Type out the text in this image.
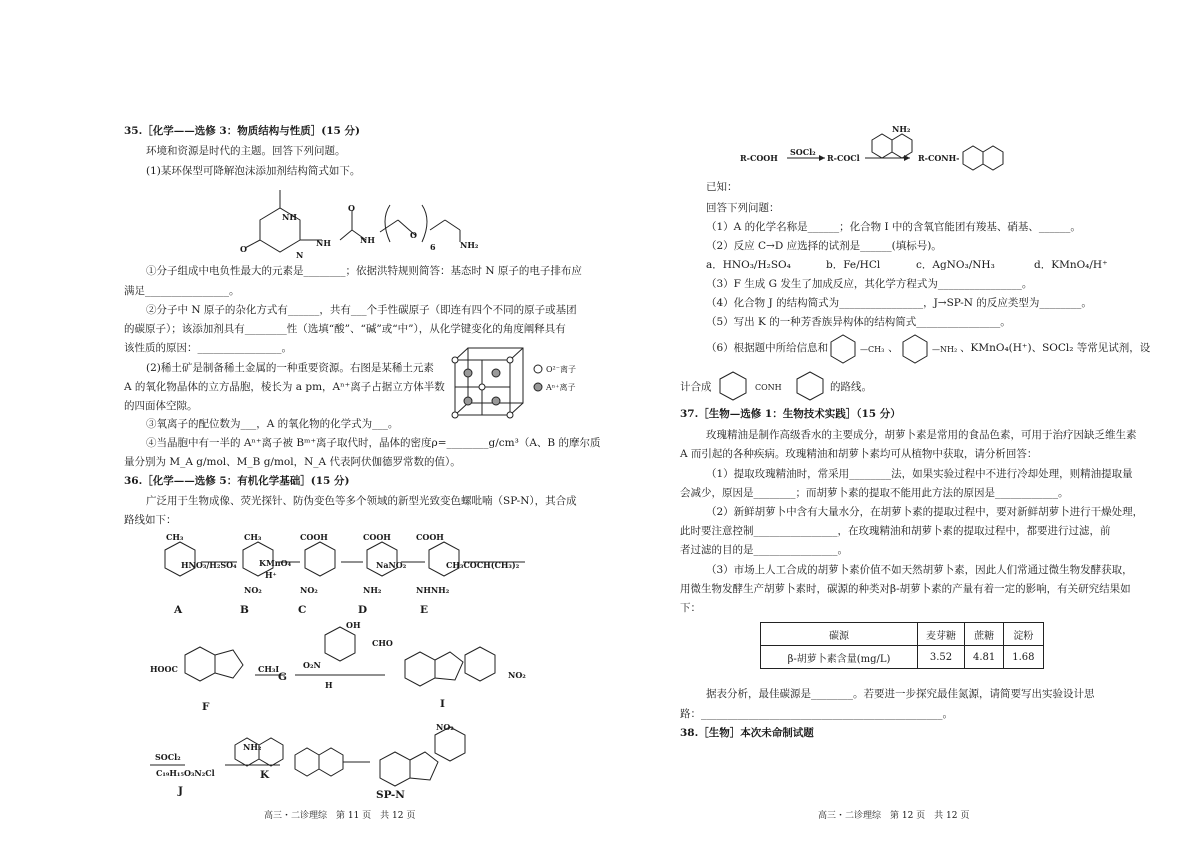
35.［化学——选修 3：物质结构与性质］(15 分)
环境和资源是时代的主题。回答下列问题。
(1)某环保型可降解泡沫添加剂结构简式如下。
NH
NH	NH
N
O
O
O
6	NH₂
①分子组成中电负性最大的元素是________；依据洪特规则简答：基态时 N 原子的电子排布应
满足________________。
②分子中 N 原子的杂化方式有______，共有___个手性碳原子（即连有四个不同的原子或基团
的碳原子）；该添加剂具有________性（选填“酸”、“碱”或“中”），从化学键变化的角度阐释具有
该性质的原因：________________。
(2)稀土矿是制备稀土金属的一种重要资源。右图是某稀土元素
A 的氧化物晶体的立方晶胞，棱长为 a pm，Aⁿ⁺离子占据立方体半数
的四面体空隙。
O²⁻离子
Aⁿ⁺离子
③氧离子的配位数为___，A 的氧化物的化学式为___。
④当晶胞中有一半的 Aⁿ⁺离子被 Bᵐ⁺离子取代时，晶体的密度ρ=________g/cm³（A、B 的摩尔质
量分别为 M_A g/mol、M_B g/mol，N_A 代表阿伏伽德罗常数的值）。
36.［化学——选修 5：有机化学基础］(15 分)
广泛用于生物成像、荧光探针、防伪变色等多个领域的新型光致变色螺吡喃（SP-N），其合成
路线如下：
HNO₃/H₂SO₄	KMnO₄
H⁺
NaNO₂	CH₃COCH(CH₃)₂
CH₃	CH₃	COOH	COOH	COOH
NO₂	NO₂	NH₂	NHNH₂
A	B	C	D	E
HOOC
OH
CHO
O₂N
NO₂
CH₃I
G
H
F	I
SOCl₂
C₁₉H₁₅O₃N₂Cl
NH₂
NO₂
K
J	SP-N
高三・二诊理综　第 11 页　共 12 页
R-COOH
SOCl₂
R-COCl
NH₂
R-CONH-
已知：
回答下列问题：
（1）A 的化学名称是______；化合物 I 中的含氧官能团有羧基、硝基、______。
（2）反应 C→D 应选择的试剂是______(填标号)。
a．HNO₃/H₂SO₄	b．Fe/HCl	c．AgNO₃/NH₃	d．KMnO₄/H⁺
（3）F 生成 G 发生了加成反应，其化学方程式为________________。
（4）化合物 J 的结构简式为________________，J→SP-N 的反应类型为________。
（5）写出 K 的一种芳香族异构体的结构简式________________。
（6）根据题中所给信息和	—CH₃ 、	—NH₂ 、KMnO₄(H⁺)、SOCl₂ 等常见试剂，设
计合成	CONH	的路线。
37.［生物—选修 1：生物技术实践］（15 分）
玫瑰精油是制作高级香水的主要成分，胡萝卜素是常用的食品色素，可用于治疗因缺乏维生素
A 而引起的各种疾病。玫瑰精油和胡萝卜素均可从植物中获取，请分析回答：
（1）提取玫瑰精油时，常采用________法，如果实验过程中不进行冷却处理，则精油提取量
会减少，原因是________；而胡萝卜素的提取不能用此方法的原因是____________。
（2）新鲜胡萝卜中含有大量水分，在胡萝卜素的提取过程中，要对新鲜胡萝卜进行干燥处理，
此时要注意控制________________，在玫瑰精油和胡萝卜素的提取过程中，都要进行过滤，前
者过滤的目的是________________。
（3）市场上人工合成的胡萝卜素价值不如天然胡萝卜素，因此人们常通过微生物发酵获取，
用微生物发酵生产胡萝卜素时，碳源的种类对β-胡萝卜素的产量有着一定的影响，有关研究结果如
下：
碳源	麦芽糖	蔗糖	淀粉
β-胡萝卜素含量(mg/L)	3.52	4.81	1.68
据表分析，最佳碳源是________。若要进一步探究最佳氮源，请简要写出实验设计思
路：______________________________________________。
38.［生物］本次未命制试题
高三・二诊理综　第 12 页　共 12 页
